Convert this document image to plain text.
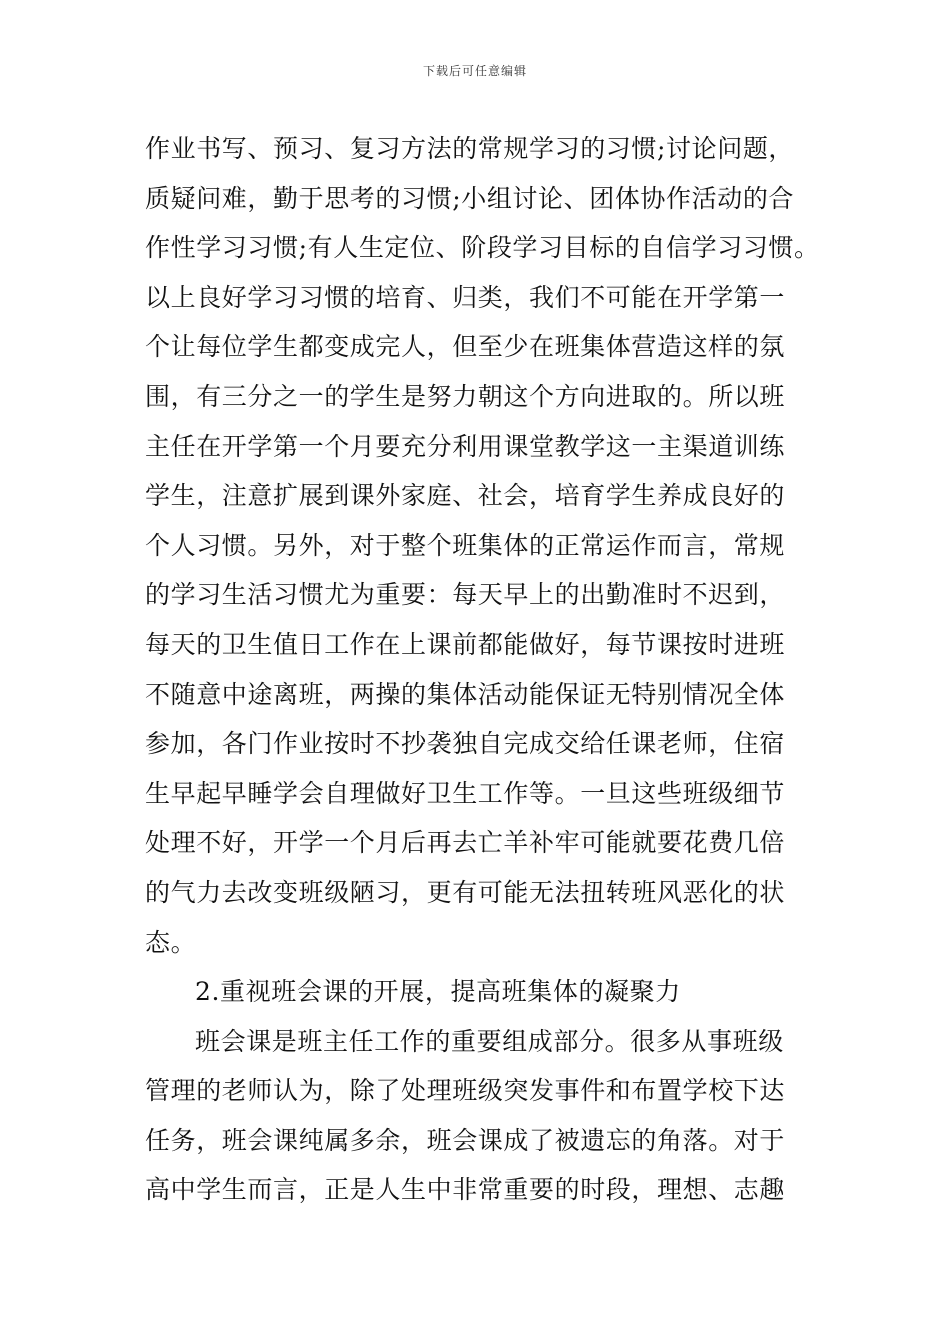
下载后可任意编辑
作业书写、预习、复习方法的常规学习的习惯;讨论问题，
质疑问难，勤于思考的习惯;小组讨论、团体协作活动的合
作性学习习惯;有人生定位、阶段学习目标的自信学习习惯。
以上良好学习习惯的培育、归类，我们不可能在开学第一
个让每位学生都变成完人，但至少在班集体营造这样的氛
围，有三分之一的学生是努力朝这个方向进取的。所以班
主任在开学第一个月要充分利用课堂教学这一主渠道训练
学生，注意扩展到课外家庭、社会，培育学生养成良好的
个人习惯。另外，对于整个班集体的正常运作而言，常规
的学习生活习惯尤为重要：每天早上的出勤准时不迟到，
每天的卫生值日工作在上课前都能做好，每节课按时进班
不随意中途离班，两操的集体活动能保证无特别情况全体
参加，各门作业按时不抄袭独自完成交给任课老师，住宿
生早起早睡学会自理做好卫生工作等。一旦这些班级细节
处理不好，开学一个月后再去亡羊补牢可能就要花费几倍
的气力去改变班级陋习，更有可能无法扭转班风恶化的状
态。
2.重视班会课的开展，提高班集体的凝聚力
班会课是班主任工作的重要组成部分。很多从事班级
管理的老师认为，除了处理班级突发事件和布置学校下达
任务，班会课纯属多余，班会课成了被遗忘的角落。对于
高中学生而言，正是人生中非常重要的时段，理想、志趣
